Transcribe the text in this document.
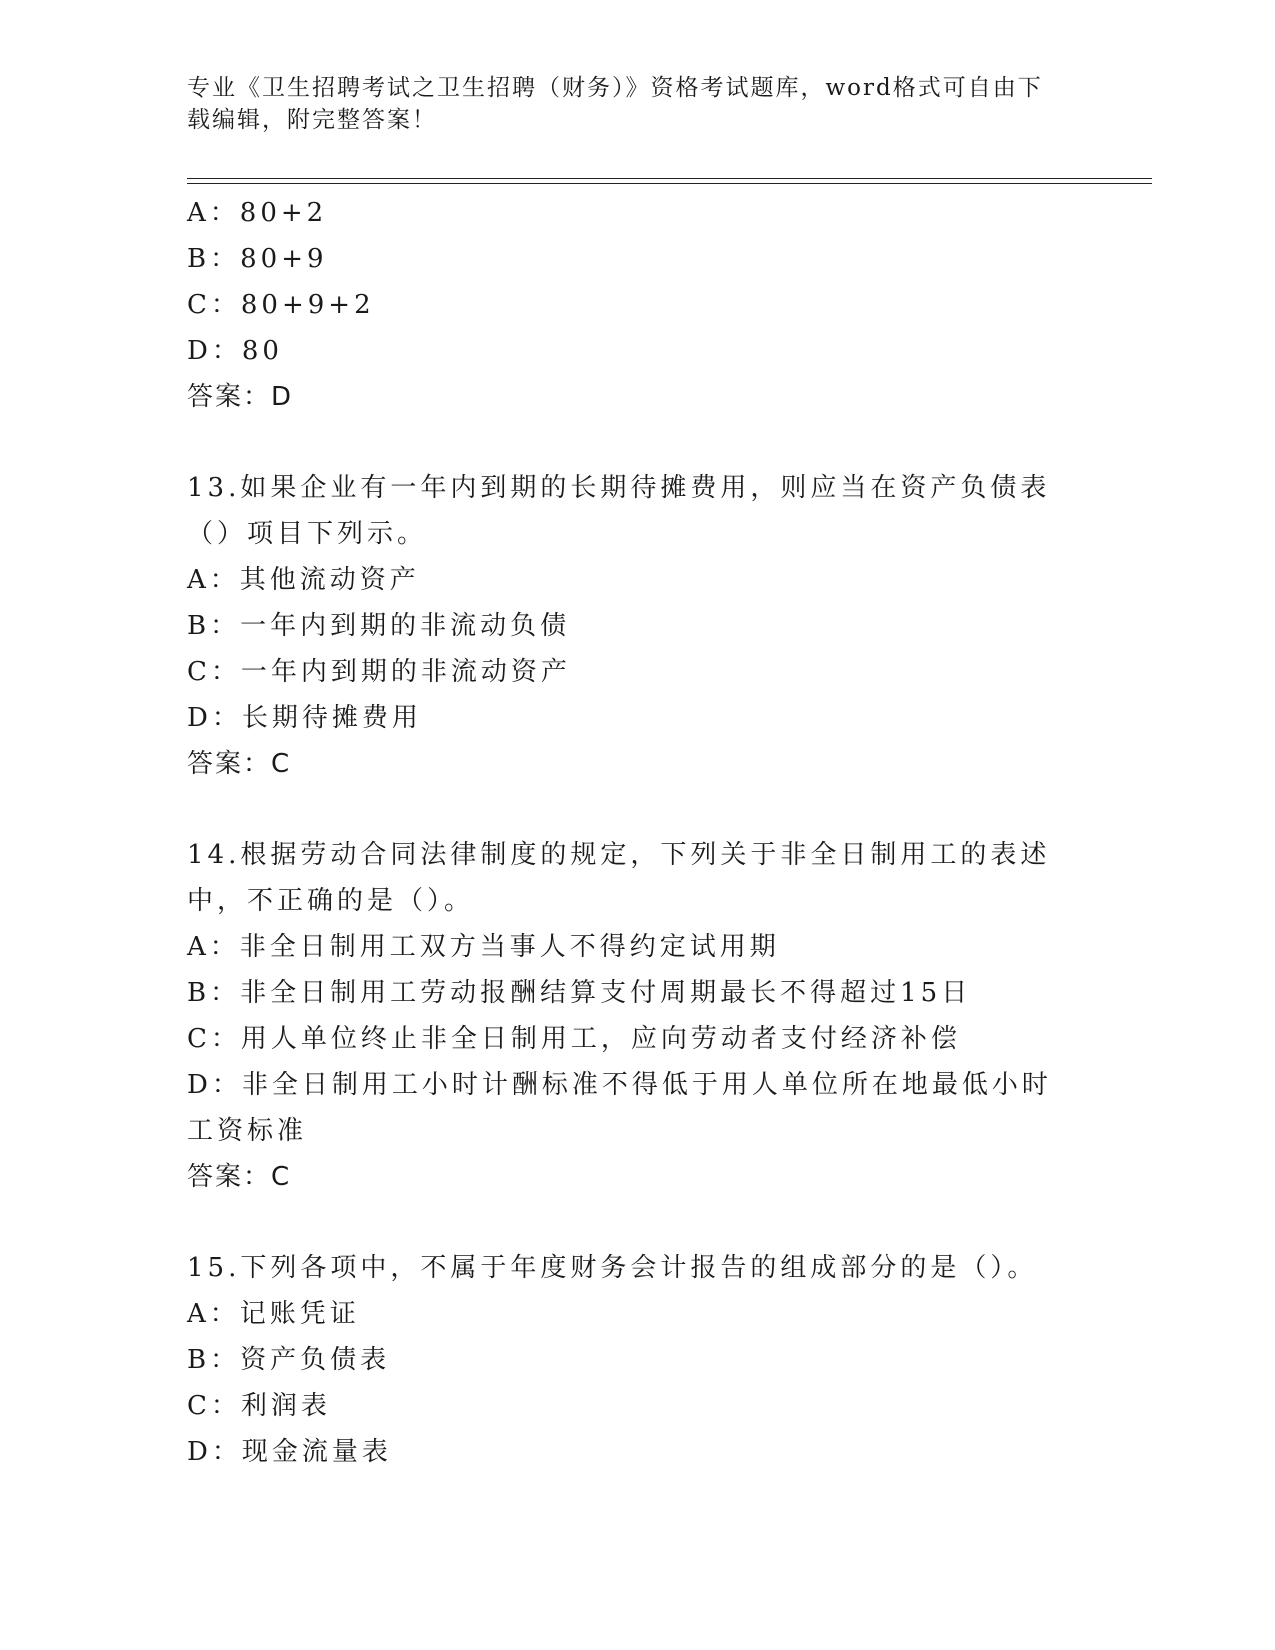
专业《卫生招聘考试之卫生招聘（财务）》资格考试题库，word格式可自由下载编辑，附完整答案！
A：80+2
B：80+9
C：80+9+2
D：80
答案：D
13.如果企业有一年内到期的长期待摊费用，则应当在资产负债表（）项目下列示。
A：其他流动资产
B：一年内到期的非流动负债
C：一年内到期的非流动资产
D：长期待摊费用
答案：C
14.根据劳动合同法律制度的规定，下列关于非全日制用工的表述中，不正确的是（）。
A：非全日制用工双方当事人不得约定试用期
B：非全日制用工劳动报酬结算支付周期最长不得超过15日
C：用人单位终止非全日制用工，应向劳动者支付经济补偿
D：非全日制用工小时计酬标准不得低于用人单位所在地最低小时工资标准
答案：C
15.下列各项中，不属于年度财务会计报告的组成部分的是（）。
A：记账凭证
B：资产负债表
C：利润表
D：现金流量表
